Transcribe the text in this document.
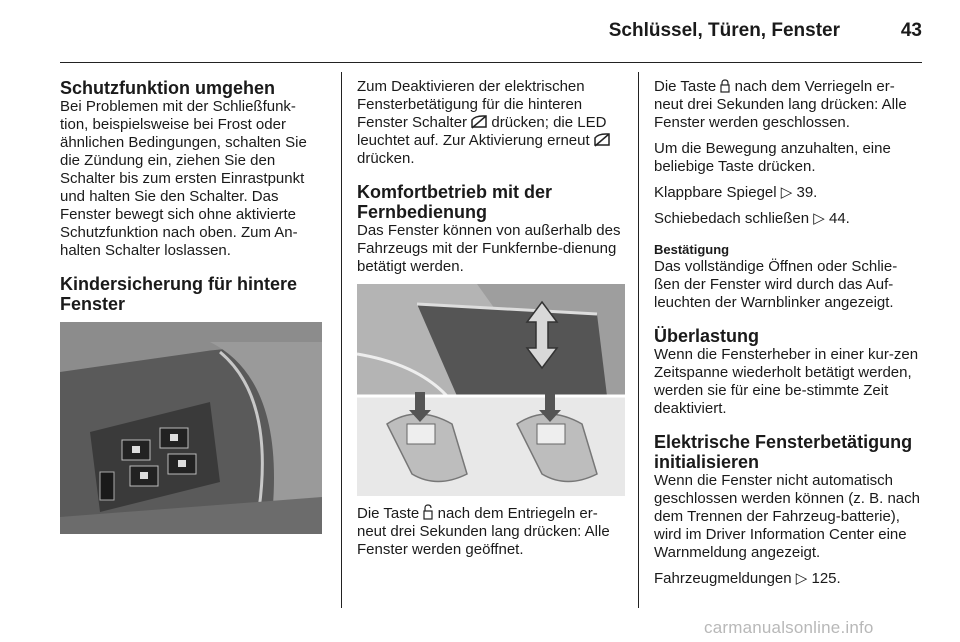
Schlüssel, Türen, Fenster	43
Schutzfunktion umgehen

Bei Problemen mit der Schließfunk-tion, beispielsweise bei Frost oder ähnlichen Bedingungen, schalten Sie die Zündung ein, ziehen Sie den Schalter bis zum ersten Einrastpunkt und halten Sie den Schalter. Das Fenster bewegt sich ohne aktivierte Schutzfunktion nach oben. Zum An-halten Schalter loslassen.

Kindersicherung für hintere Fenster

Zum Deaktivieren der elektrischen Fensterbetätigung für die hinteren Fenster Schalter drücken; die LED leuchtet auf. Zur Aktivierung erneut  drücken.

Komfortbetrieb mit der Fernbedienung

Das Fenster können von außerhalb des Fahrzeugs mit der Funkfernbe-dienung betätigt werden.

Die Taste nach dem Entriegeln er-neut drei Sekunden lang drücken: Alle Fenster werden geöffnet.

Die Taste nach dem Verriegeln er-neut drei Sekunden lang drücken: Alle Fenster werden geschlossen.

Um die Bewegung anzuhalten, eine beliebige Taste drücken.

Klappbare Spiegel ▷ 39.

Schiebedach schließen ▷ 44.

Bestätigung

Das vollständige Öffnen oder Schlie-ßen der Fenster wird durch das Auf-leuchten der Warnblinker angezeigt.

Überlastung

Wenn die Fensterheber in einer kur-zen Zeitspanne wiederholt betätigt werden, werden sie für eine be-stimmte Zeit deaktiviert.

Elektrische Fensterbetätigung initialisieren

Wenn die Fenster nicht automatisch geschlossen werden können (z. B. nach dem Trennen der Fahrzeug-batterie), wird im Driver Information Center eine Warnmeldung angezeigt.

Fahrzeugmeldungen ▷ 125.

carmanualsonline.info
